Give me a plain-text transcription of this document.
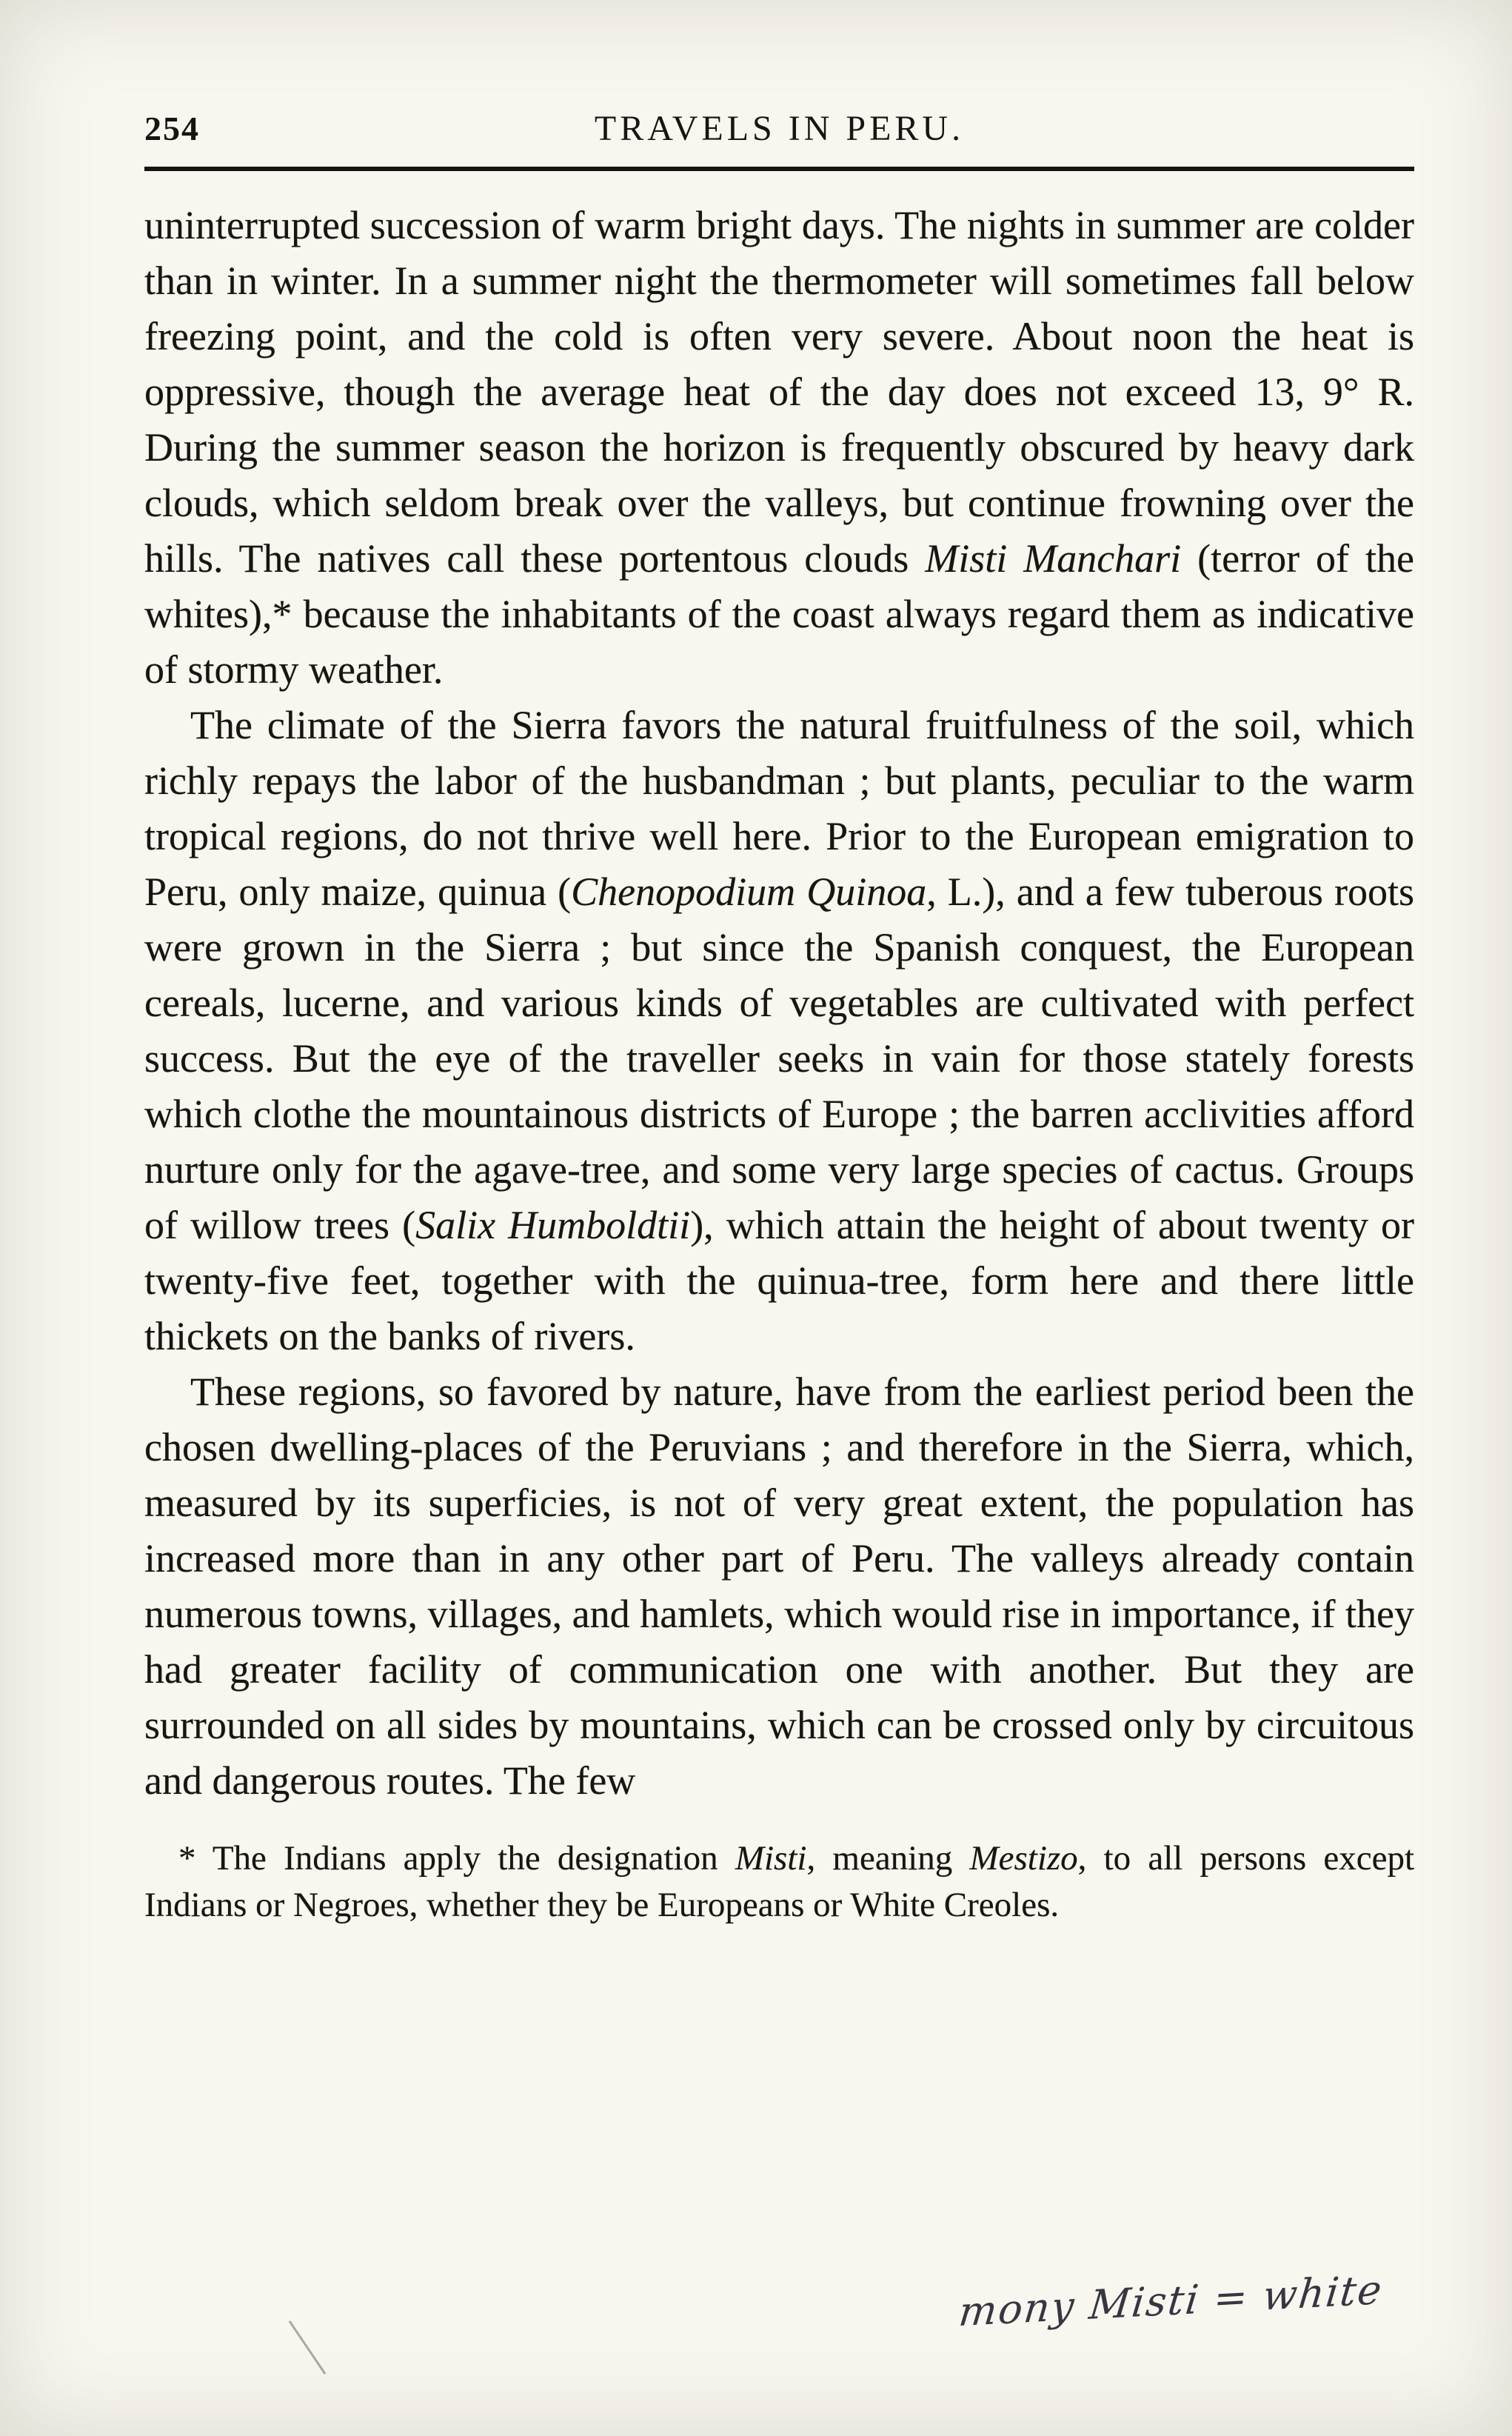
254	TRAVELS IN PERU.

uninterrupted succession of warm bright days. The nights in summer are colder than in winter. In a summer night the thermometer will sometimes fall below freezing point, and the cold is often very severe. About noon the heat is oppressive, though the average heat of the day does not exceed 13, 9° R. During the summer season the horizon is frequently obscured by heavy dark clouds, which seldom break over the valleys, but continue frowning over the hills. The natives call these portentous clouds Misti Manchari (terror of the whites),* because the inhabitants of the coast always regard them as indicative of stormy weather.

The climate of the Sierra favors the natural fruitfulness of the soil, which richly repays the labor of the husbandman ; but plants, peculiar to the warm tropical regions, do not thrive well here. Prior to the European emigration to Peru, only maize, quinua (Chenopodium Quinoa, L.), and a few tuberous roots were grown in the Sierra ; but since the Spanish conquest, the European cereals, lucerne, and various kinds of vegetables are cultivated with perfect success. But the eye of the traveller seeks in vain for those stately forests which clothe the mountainous districts of Europe ; the barren acclivities afford nurture only for the agave-tree, and some very large species of cactus. Groups of willow trees (Salix Humboldtii), which attain the height of about twenty or twenty-five feet, together with the quinua-tree, form here and there little thickets on the banks of rivers.

These regions, so favored by nature, have from the earliest period been the chosen dwelling-places of the Peruvians ; and therefore in the Sierra, which, measured by its superficies, is not of very great extent, the population has increased more than in any other part of Peru. The valleys already contain numerous towns, villages, and hamlets, which would rise in importance, if they had greater facility of communication one with another. But they are surrounded on all sides by mountains, which can be crossed only by circuitous and dangerous routes. The few

* The Indians apply the designation Misti, meaning Mestizo, to all persons except Indians or Negroes, whether they be Europeans or White Creoles.

mony Misti = white
